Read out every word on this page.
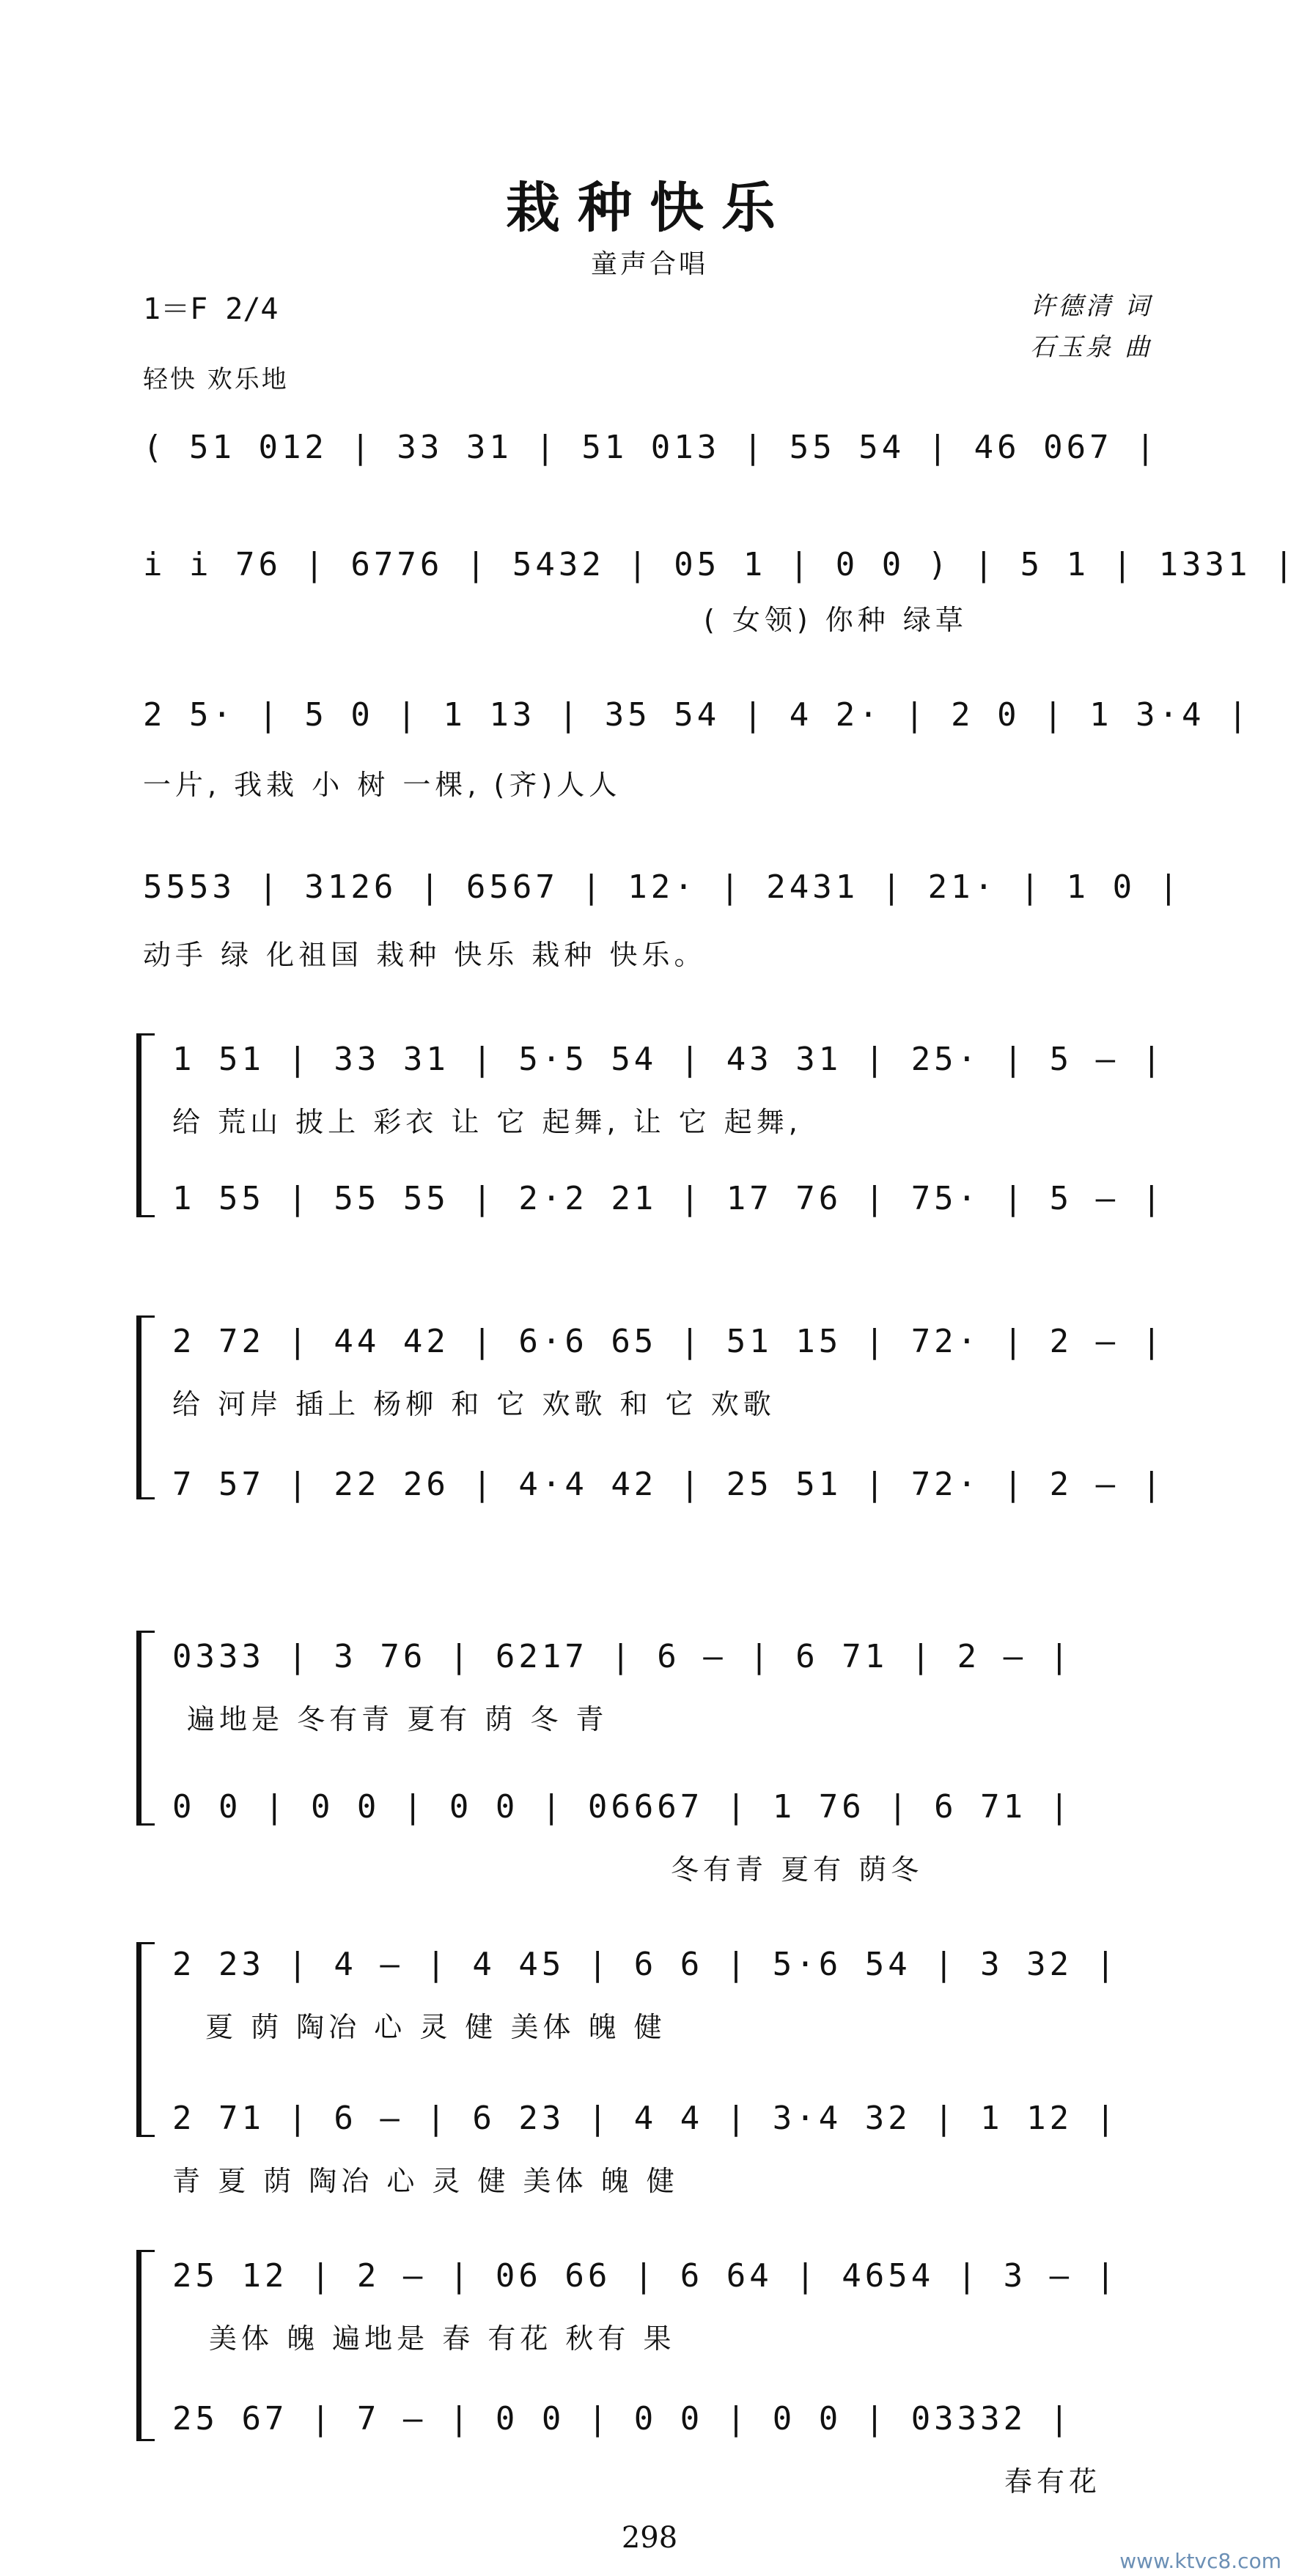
栽种快乐
童声合唱
1＝F 2/4	许德清 词
石玉泉 曲
轻快 欢乐地
( 51 012 | 33 31 | 51 013 | 55 54 | 46 067 |
i i 76 | 6776 | 5432 | 05 1 | 0 0 ) | 5 1 | 1331 |
( 女领) 你种 绿草
2 5· | 5 0 | 1 13 | 35 54 | 4 2· | 2 0 | 1 3·4 |
一片, 我栽 小 树 一棵, (齐)人人
5553 | 3126 | 6567 | 12· | 2431 | 21· | 1 0 |
动手 绿 化祖国 栽种 快乐 栽种 快乐。
1 51 | 33 31 | 5·5 54 | 43 31 | 25· | 5 – |
给 荒山 披上 彩衣 让 它 起舞, 让 它 起舞,
1 55 | 55 55 | 2·2 21 | 17 76 | 75· | 5 – |
2 72 | 44 42 | 6·6 65 | 51 15 | 72· | 2 – |
给 河岸 插上 杨柳 和 它 欢歌 和 它 欢歌
7 57 | 22 26 | 4·4 42 | 25 51 | 72· | 2 – |
0333 | 3 76 | 6217 | 6 – | 6 71 | 2 – |
遍地是 冬有青 夏有 荫 冬 青
0 0 | 0 0 | 0 0 | 06667 | 1 76 | 6 71 |
冬有青 夏有 荫冬
2 23 | 4 – | 4 45 | 6 6 | 5·6 54 | 3 32 |
夏 荫 陶冶 心 灵 健 美体 魄 健
2 71 | 6 – | 6 23 | 4 4 | 3·4 32 | 1 12 |
青 夏 荫 陶冶 心 灵 健 美体 魄 健
25 12 | 2 – | 06 66 | 6 64 | 4654 | 3 – |
美体 魄 遍地是 春 有花 秋有 果
25 67 | 7 – | 0 0 | 0 0 | 0 0 | 03332 |
春有花
298
www.ktvc8.com
